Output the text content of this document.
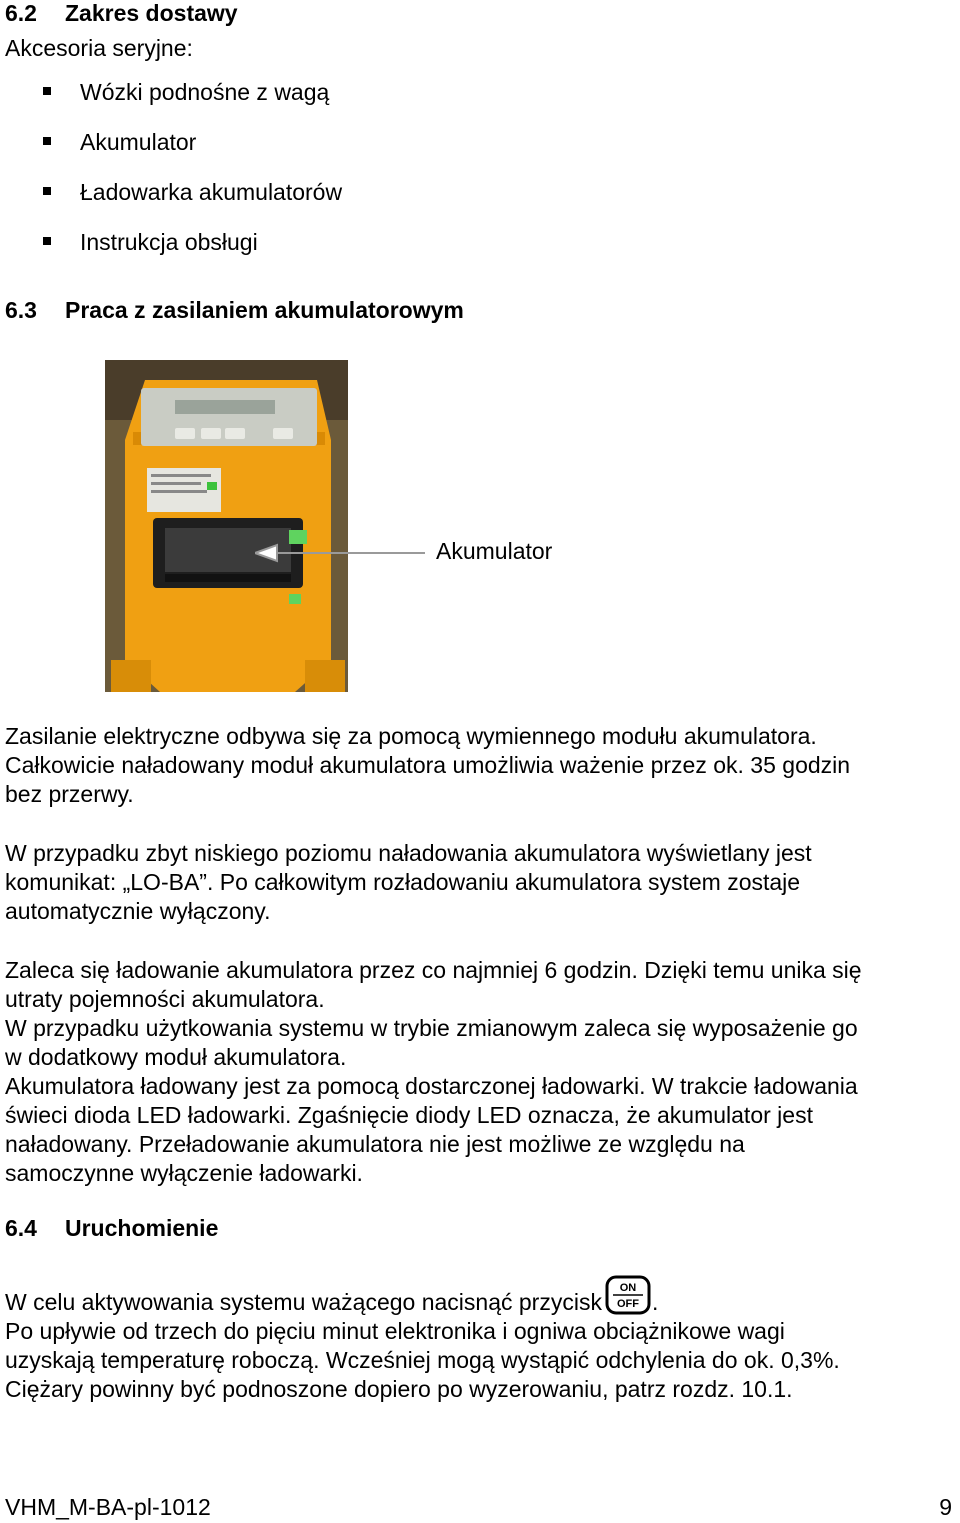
6.2 Zakres dostawy
Akcesoria seryjne:
Wózki podnośne z wagą
Akumulator
Ładowarka akumulatorów
Instrukcja obsługi
6.3 Praca z zasilaniem akumulatorowym
Akumulator
Zasilanie elektryczne odbywa się za pomocą wymiennego modułu akumulatora.
Całkowicie naładowany moduł akumulatora umożliwia ważenie przez ok. 35 godzin
bez przerwy.
W przypadku zbyt niskiego poziomu naładowania akumulatora wyświetlany jest
komunikat: „LO-BA”. Po całkowitym rozładowaniu akumulatora system zostaje
automatycznie wyłączony.
Zaleca się ładowanie akumulatora przez co najmniej 6 godzin. Dzięki temu unika się
utraty pojemności akumulatora.
W przypadku użytkowania systemu w trybie zmianowym zaleca się wyposażenie go
w dodatkowy moduł akumulatora.
Akumulatora ładowany jest za pomocą dostarczonej ładowarki. W trakcie ładowania
świeci dioda LED ładowarki. Zgaśnięcie diody LED oznacza, że akumulator jest
naładowany. Przeładowanie akumulatora nie jest możliwe ze względu na
samoczynne wyłączenie ładowarki.
6.4 Uruchomienie
W celu aktywowania systemu ważącego nacisnąć przycisk
ON
OFF .
Po upływie od trzech do pięciu minut elektronika i ogniwa obciążnikowe wagi
uzyskają temperaturę roboczą. Wcześniej mogą wystąpić odchylenia do ok. 0,3%.
Ciężary powinny być podnoszone dopiero po wyzerowaniu, patrz rozdz. 10.1.
VHM_M-BA-pl-1012	9
